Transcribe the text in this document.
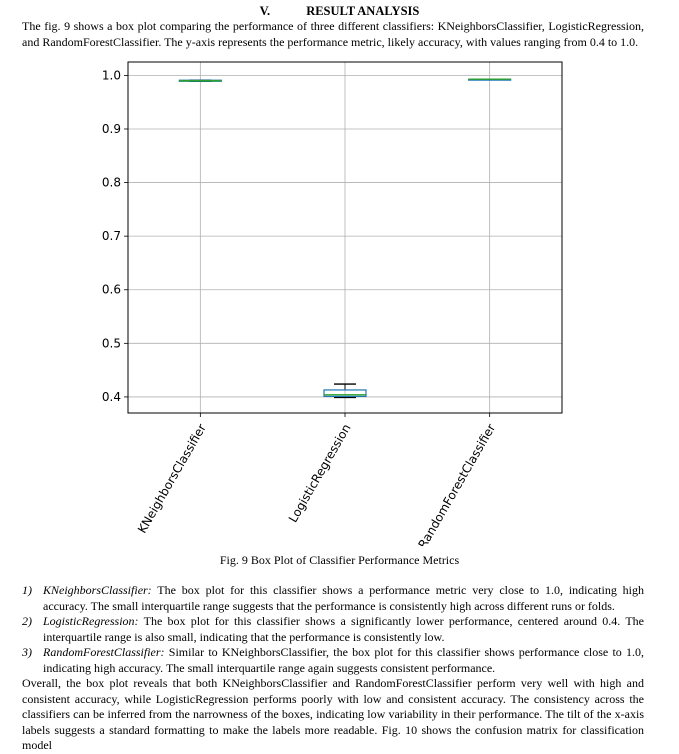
V.	RESULT ANALYSIS
The fig. 9 shows a box plot comparing the performance of three different classifiers: KNeighborsClassifier, LogisticRegression, and RandomForestClassifier. The y-axis represents the performance metric, likely accuracy, with values ranging from 0.4 to 1.0.
0.4
0.5
0.6
0.7
0.8
0.9
1.0
KNeighborsClassifier	LogisticRegression	RandomForestClassifier
Fig. 9 Box Plot of Classifier Performance Metrics
1) KNeighborsClassifier: The box plot for this classifier shows a performance metric very close to 1.0, indicating high accuracy. The small interquartile range suggests that the performance is consistently high across different runs or folds.
2) LogisticRegression: The box plot for this classifier shows a significantly lower performance, centered around 0.4. The interquartile range is also small, indicating that the performance is consistently low.
3) RandomForestClassifier: Similar to KNeighborsClassifier, the box plot for this classifier shows performance close to 1.0, indicating high accuracy. The small interquartile range again suggests consistent performance.
Overall, the box plot reveals that both KNeighborsClassifier and RandomForestClassifier perform very well with high and consistent accuracy, while LogisticRegression performs poorly with low and consistent accuracy. The consistency across the classifiers can be inferred from the narrowness of the boxes, indicating low variability in their performance. The tilt of the x-axis labels suggests a standard formatting to make the labels more readable. Fig. 10 shows the confusion matrix for classification model
